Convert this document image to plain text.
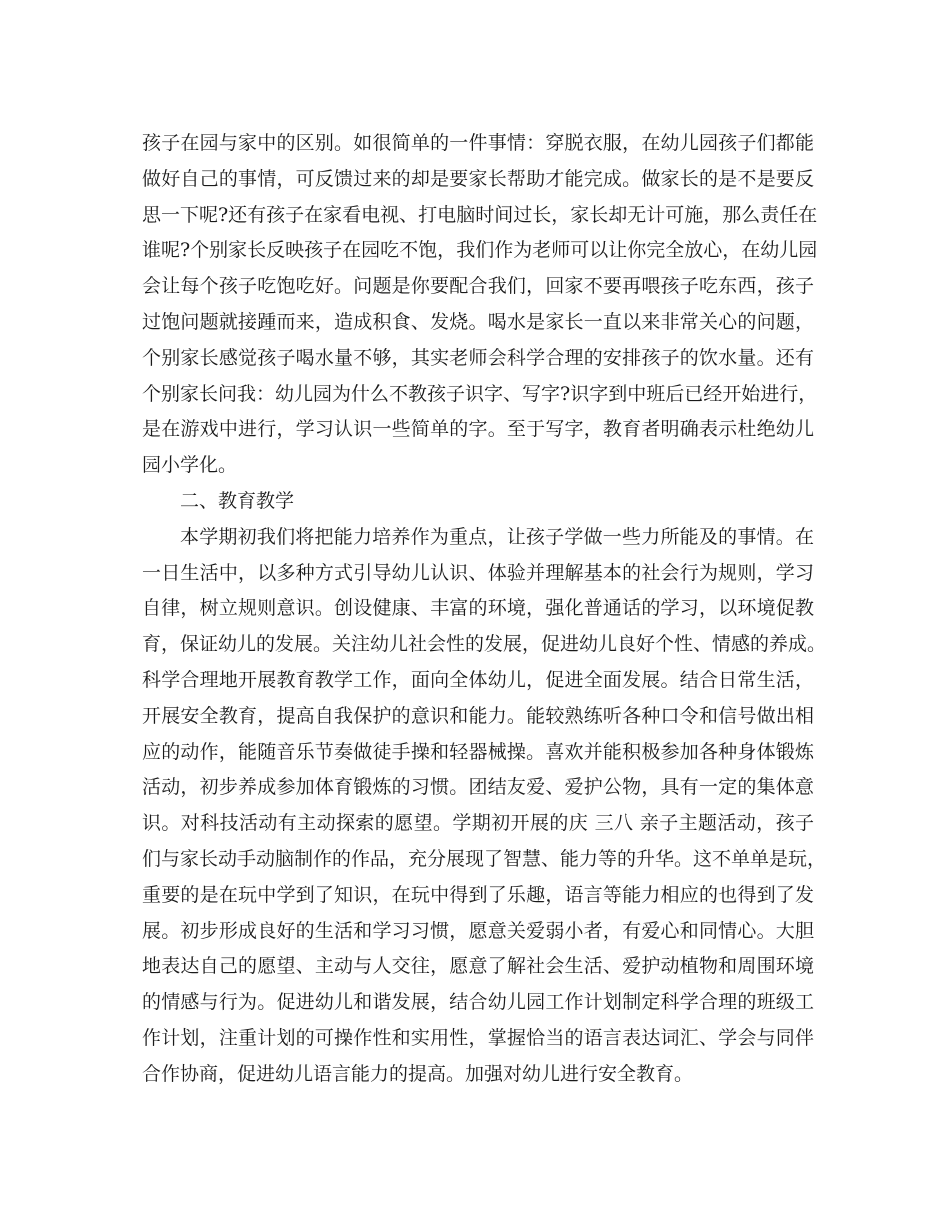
孩子在园与家中的区别。如很简单的一件事情：穿脱衣服，在幼儿园孩子们都能
做好自己的事情，可反馈过来的却是要家长帮助才能完成。做家长的是不是要反
思一下呢?还有孩子在家看电视、打电脑时间过长，家长却无计可施，那么责任在
谁呢?个别家长反映孩子在园吃不饱，我们作为老师可以让你完全放心，在幼儿园
会让每个孩子吃饱吃好。问题是你要配合我们，回家不要再喂孩子吃东西，孩子
过饱问题就接踵而来，造成积食、发烧。喝水是家长一直以来非常关心的问题，
个别家长感觉孩子喝水量不够，其实老师会科学合理的安排孩子的饮水量。还有
个别家长问我：幼儿园为什么不教孩子识字、写字?识字到中班后已经开始进行，
是在游戏中进行，学习认识一些简单的字。至于写字，教育者明确表示杜绝幼儿
园小学化。
二、教育教学
本学期初我们将把能力培养作为重点，让孩子学做一些力所能及的事情。在
一日生活中，以多种方式引导幼儿认识、体验并理解基本的社会行为规则，学习
自律，树立规则意识。创设健康、丰富的环境，强化普通话的学习，以环境促教
育，保证幼儿的发展。关注幼儿社会性的发展，促进幼儿良好个性、情感的养成。
科学合理地开展教育教学工作，面向全体幼儿，促进全面发展。结合日常生活，
开展安全教育，提高自我保护的意识和能力。能较熟练听各种口令和信号做出相
应的动作，能随音乐节奏做徒手操和轻器械操。喜欢并能积极参加各种身体锻炼
活动，初步养成参加体育锻炼的习惯。团结友爱、爱护公物，具有一定的集体意
识。对科技活动有主动探索的愿望。学期初开展的庆 三八 亲子主题活动，孩子
们与家长动手动脑制作的作品，充分展现了智慧、能力等的升华。这不单单是玩，
重要的是在玩中学到了知识，在玩中得到了乐趣，语言等能力相应的也得到了发
展。初步形成良好的生活和学习习惯，愿意关爱弱小者，有爱心和同情心。大胆
地表达自己的愿望、主动与人交往，愿意了解社会生活、爱护动植物和周围环境
的情感与行为。促进幼儿和谐发展，结合幼儿园工作计划制定科学合理的班级工
作计划，注重计划的可操作性和实用性，掌握恰当的语言表达词汇、学会与同伴
合作协商，促进幼儿语言能力的提高。加强对幼儿进行安全教育。
